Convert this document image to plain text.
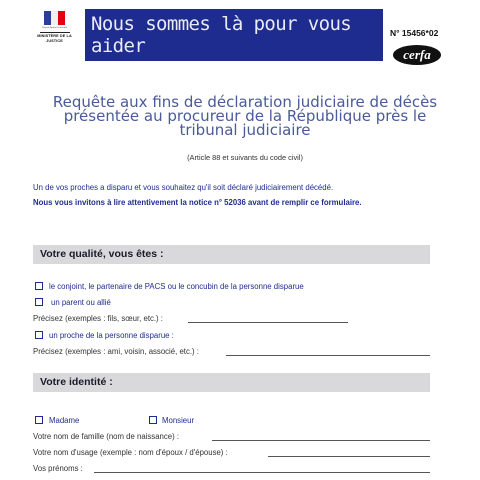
Liberté Égalité Fraternité
MINISTÈRE DE LA JUSTICE
Nous sommes là pour vous aider
N° 15456*02
cerfa
Requête aux fins de déclaration judiciaire de décès présentée au procureur de la République près le tribunal judiciaire
(Article 88 et suivants du code civil)
Un de vos proches a disparu et vous souhaitez qu'il soit déclaré judiciairement décédé.
Nous vous invitons à lire attentivement la notice n° 52036 avant de remplir ce formulaire.
Votre qualité, vous êtes :
le conjoint, le partenaire de PACS ou le concubin de la personne disparue
un parent ou allié
Précisez (exemples : fils, sœur, etc.) :
un proche de la personne disparue :
Précisez (exemples : ami, voisin, associé, etc.) :
Votre identité :
Madame	Monsieur
Votre nom de famille (nom de naissance) :
Votre nom d'usage (exemple : nom d'époux / d'épouse) :
Vos prénoms :
